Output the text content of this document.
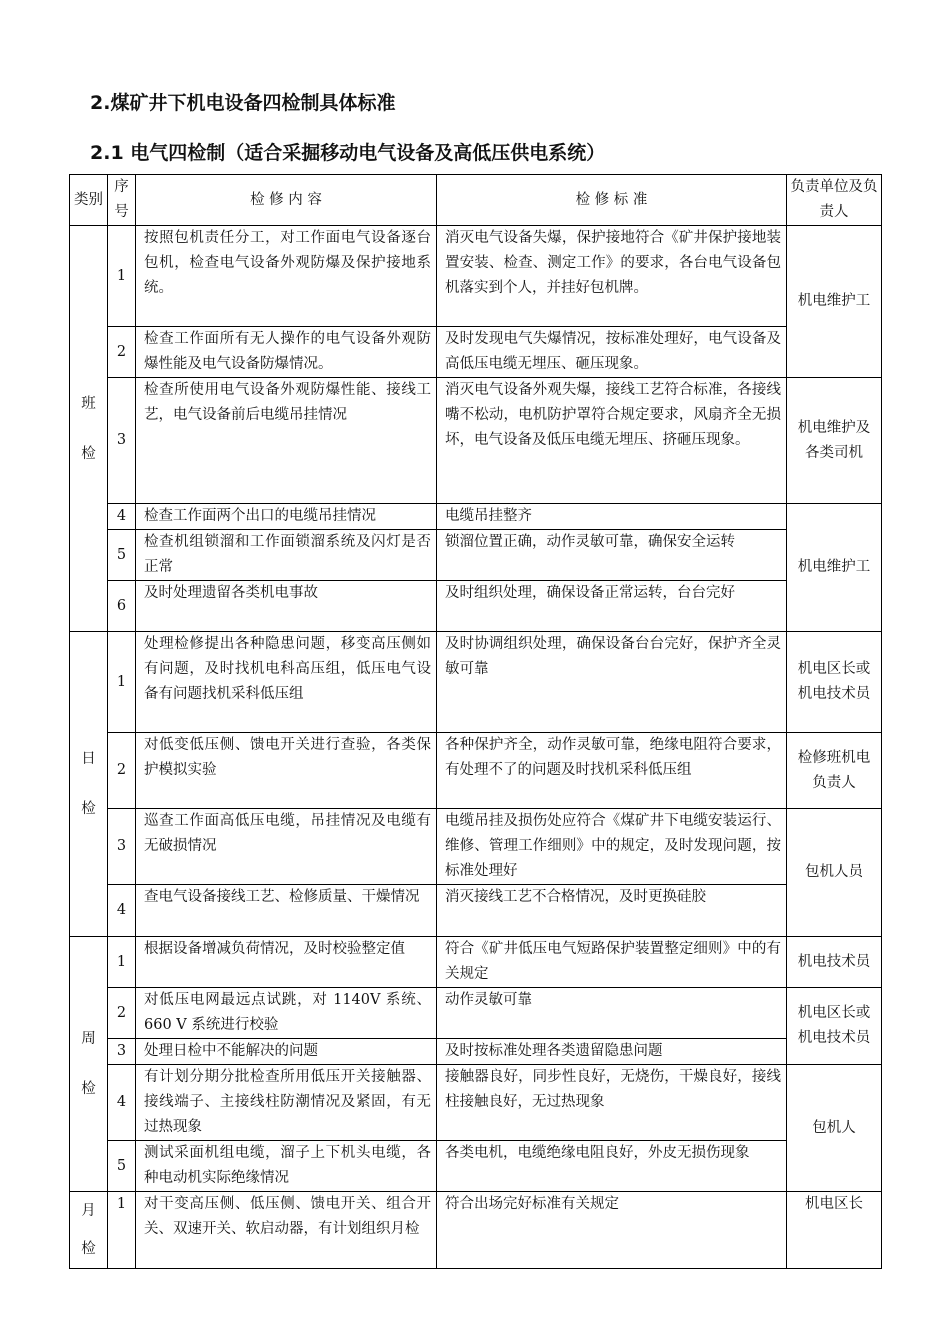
2.煤矿井下机电设备四检制具体标准
2.1 电气四检制（适合采掘移动电气设备及高低压供电系统）
类别	序号	检 修 内 容	检 修 标 准	负责单位及负责人

班
检	1	按照包机责任分工，对工作面电气设备逐台包机，检查电气设备外观防爆及保护接地系统。	消灭电气设备失爆，保护接地符合《矿井保护接地装置安装、检查、测定工作》的要求，各台电气设备包机落实到个人，并挂好包机牌。	机电维护工
	2	检查工作面所有无人操作的电气设备外观防爆性能及电气设备防爆情况。	及时发现电气失爆情况，按标准处理好，电气设备及高低压电缆无埋压、砸压现象。	
	3	检查所使用电气设备外观防爆性能、接线工艺，电气设备前后电缆吊挂情况	消灭电气设备外观失爆，接线工艺符合标准，各接线嘴不松动，电机防护罩符合规定要求，风扇齐全无损坏，电气设备及低压电缆无埋压、挤砸压现象。	机电维护及各类司机
	4	检查工作面两个出口的电缆吊挂情况	电缆吊挂整齐	机电维护工
	5	检查机组锁溜和工作面锁溜系统及闪灯是否正常	锁溜位置正确，动作灵敏可靠，确保安全运转	
	6	及时处理遗留各类机电事故	及时组织处理，确保设备正常运转，台台完好	

日
检	1	处理检修提出各种隐患问题，移变高压侧如有问题，及时找机电科高压组，低压电气设备有问题找机采科低压组	及时协调组织处理，确保设备台台完好，保护齐全灵敏可靠	机电区长或机电技术员
	2	对低变低压侧、馈电开关进行查验，各类保护模拟实验	各种保护齐全，动作灵敏可靠，绝缘电阻符合要求，有处理不了的问题及时找机采科低压组	检修班机电负责人
	3	巡查工作面高低压电缆，吊挂情况及电缆有无破损情况	电缆吊挂及损伤处应符合《煤矿井下电缆安装运行、维修、管理工作细则》中的规定，及时发现问题，按标准处理好	包机人员
	4	查电气设备接线工艺、检修质量、干燥情况	消灭接线工艺不合格情况，及时更换硅胶	

周
检	1	根据设备增减负荷情况，及时校验整定值	符合《矿井低压电气短路保护装置整定细则》中的有关规定	机电技术员
	2	对低压电网最远点试跳，对 1140V 系统、660 V 系统进行校验	动作灵敏可靠	机电区长或机电技术员
	3	处理日检中不能解决的问题	及时按标准处理各类遗留隐患问题	
	4	有计划分期分批检查所用低压开关接触器、接线端子、主接线柱防潮情况及紧固，有无过热现象	接触器良好，同步性良好，无烧伤，干燥良好，接线柱接触良好，无过热现象	包机人
	5	测试采面机组电缆，溜子上下机头电缆，各种电动机实际绝缘情况	各类电机，电缆绝缘电阻良好，外皮无损伤现象	

月
检	1	对干变高压侧、低压侧、馈电开关、组合开关、双速开关、软启动器，有计划组织月检	符合出场完好标准有关规定	机电区长
